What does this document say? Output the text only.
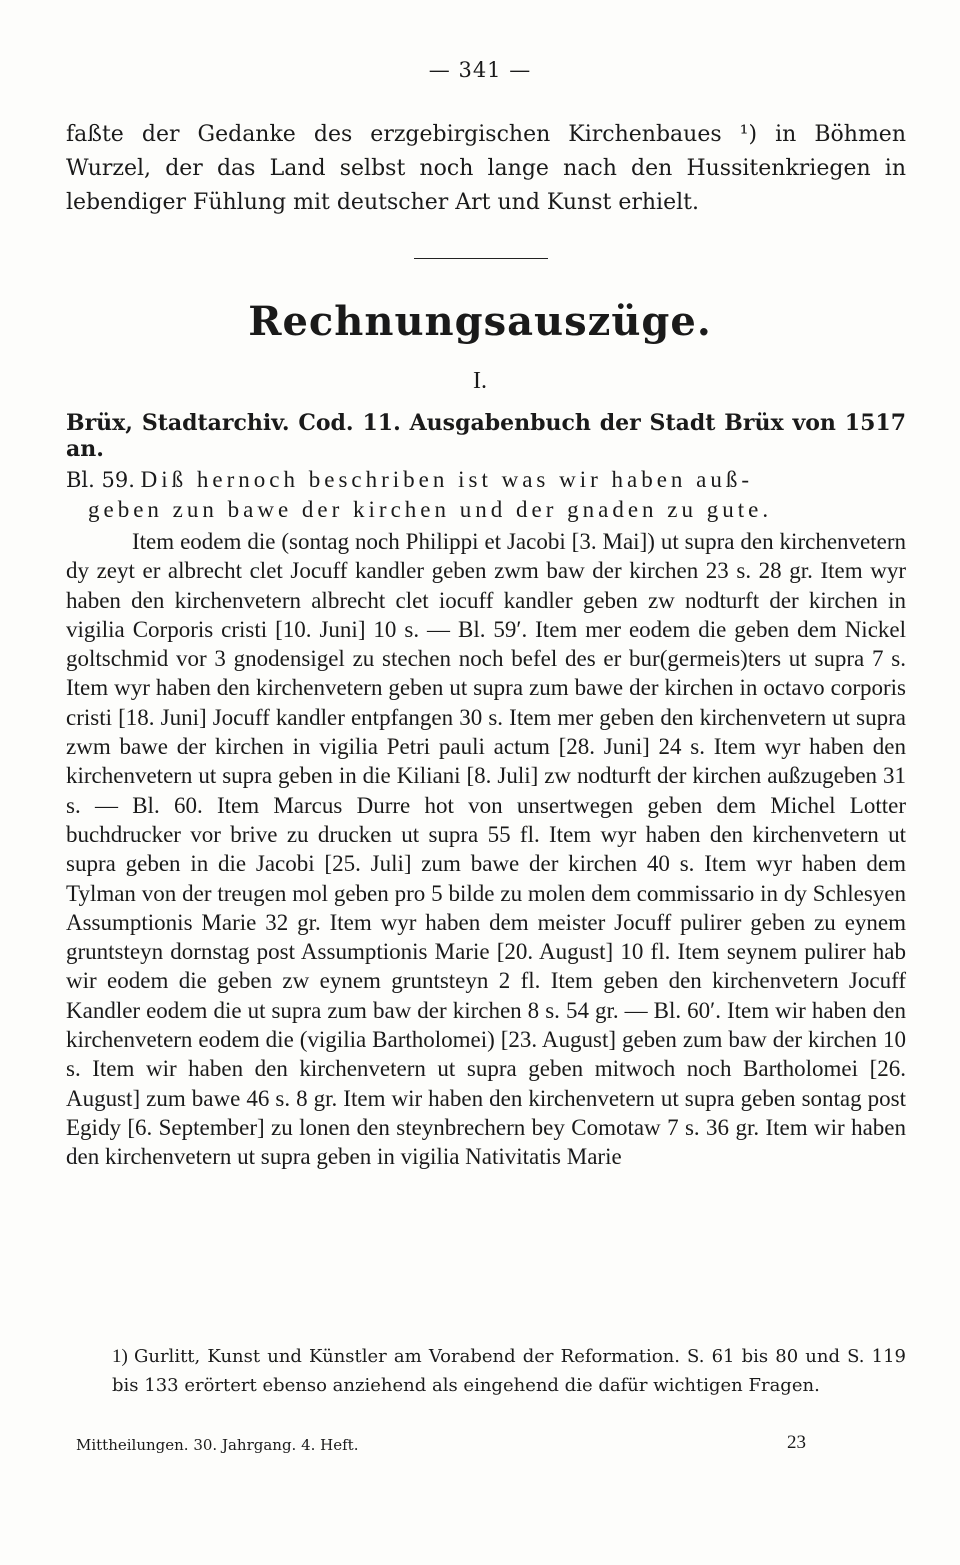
— 341 —

faßte der Gedanke des erzgebirgischen Kirchenbaues ¹) in Böhmen Wurzel, der das Land selbst noch lange nach den Hussitenkriegen in lebendiger Fühlung mit deutscher Art und Kunst erhielt.

Rechnungsauszüge.
I.
Brüx, Stadtarchiv. Cod. 11. Ausgabenbuch der Stadt Brüx von 1517 an.
Bl. 59. Diß hernoch beschriben ist was wir haben auß-
geben zun bawe der kirchen und der gnaden zu gute.

Item eodem die (sontag noch Philippi et Jacobi [3. Mai]) ut supra den kirchenvetern dy zeyt er albrecht clet Jocuff kandler geben zwm baw der kirchen 23 s. 28 gr. Item wyr haben den kirchenvetern albrecht clet iocuff kandler geben zw nodturft der kirchen in vigilia Corporis cristi [10. Juni] 10 s. — Bl. 59′. Item mer eodem die geben dem Nickel goltschmid vor 3 gnodensigel zu stechen noch befel des er bur(germeis)ters ut supra 7 s. Item wyr haben den kirchenvetern geben ut supra zum bawe der kirchen in octavo corporis cristi [18. Juni] Jocuff kandler entpfangen 30 s. Item mer geben den kirchenvetern ut supra zwm bawe der kirchen in vigilia Petri pauli actum [28. Juni] 24 s. Item wyr haben den kirchenvetern ut supra geben in die Kiliani [8. Juli] zw nodturft der kirchen außzugeben 31 s. — Bl. 60. Item Marcus Durre hot von unsertwegen geben dem Michel Lotter buchdrucker vor brive zu drucken ut supra 55 fl. Item wyr haben den kirchenvetern ut supra geben in die Jacobi [25. Juli] zum bawe der kirchen 40 s. Item wyr haben dem Tylman von der treugen mol geben pro 5 bilde zu molen dem commissario in dy Schlesyen Assumptionis Marie 32 gr. Item wyr haben dem meister Jocuff pulirer geben zu eynem gruntsteyn dornstag post Assumptionis Marie [20. August] 10 fl. Item seynem pulirer hab wir eodem die geben zw eynem gruntsteyn 2 fl. Item geben den kirchenvetern Jocuff Kandler eodem die ut supra zum baw der kirchen 8 s. 54 gr. — Bl. 60′. Item wir haben den kirchenvetern eodem die (vigilia Bartholomei) [23. August] geben zum baw der kirchen 10 s. Item wir haben den kirchenvetern ut supra geben mitwoch noch Bartholomei [26. August] zum bawe 46 s. 8 gr. Item wir haben den kirchenvetern ut supra geben sontag post Egidy [6. September] zu lonen den steynbrechern bey Comotaw 7 s. 36 gr. Item wir haben den kirchenvetern ut supra geben in vigilia Nativitatis Marie

1) Gurlitt, Kunst und Künstler am Vorabend der Reformation. S. 61 bis 80 und S. 119 bis 133 erörtert ebenso anziehend als eingehend die dafür wichtigen Fragen.
Mittheilungen. 30. Jahrgang. 4. Heft.	23
